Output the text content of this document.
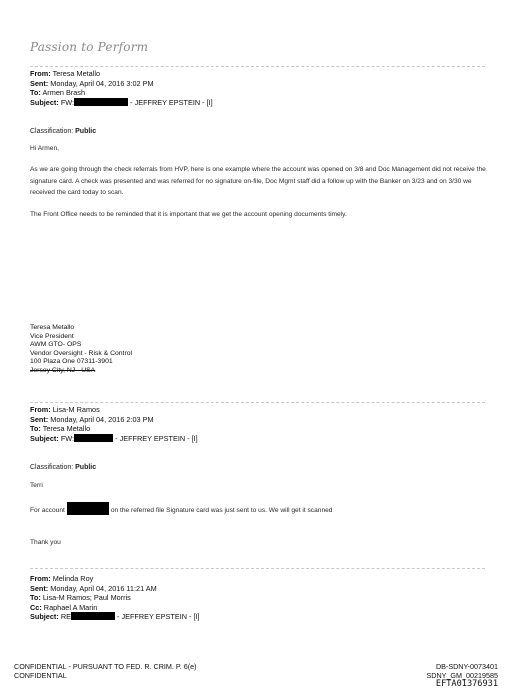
Passion to Perform
From: Teresa Metallo
Sent: Monday, April 04, 2016 3:02 PM
To: Armen Brash
Subject: FW:	- JEFFREY EPSTEIN - [I]
Classification: Public

Hi Armen,

As we are going through the check referrals from HVP, here is one example where the account was opened on 3/8 and Doc Management did not receive the signature card. A check was presented and was referred for no signature on-file, Doc Mgmt staff did a follow up with the Banker on 3/23 and on 3/30 we received the card today to scan.

The Front Office needs to be reminded that it is important that we get the account opening documents timely.

Teresa Metallo
Vice President
AWM GTO- OPS
Vendor Oversight - Risk & Control
100 Plaza One 07311-3901
Jersey City, NJ - USA
From: Lisa-M Ramos
Sent: Monday, April 04, 2016 2:03 PM
To: Teresa Metallo
Subject: FW:	- JEFFREY EPSTEIN - [I]
Classification: Public

Terri

For account	on the referred file Signature card was just sent to us. We will get it scanned
Thank you
From: Melinda Roy
Sent: Monday, April 04, 2016 11:21 AM
To: Lisa-M Ramos; Paul Morris
Cc: Raphael A Marin
Subject: RE	- JEFFREY EPSTEIN - [I]
CONFIDENTIAL - PURSUANT TO FED. R. CRIM. P. 6(e)
CONFIDENTIAL
DB-SDNY-0073401
SDNY_GM_00219585
EFTA01376931
